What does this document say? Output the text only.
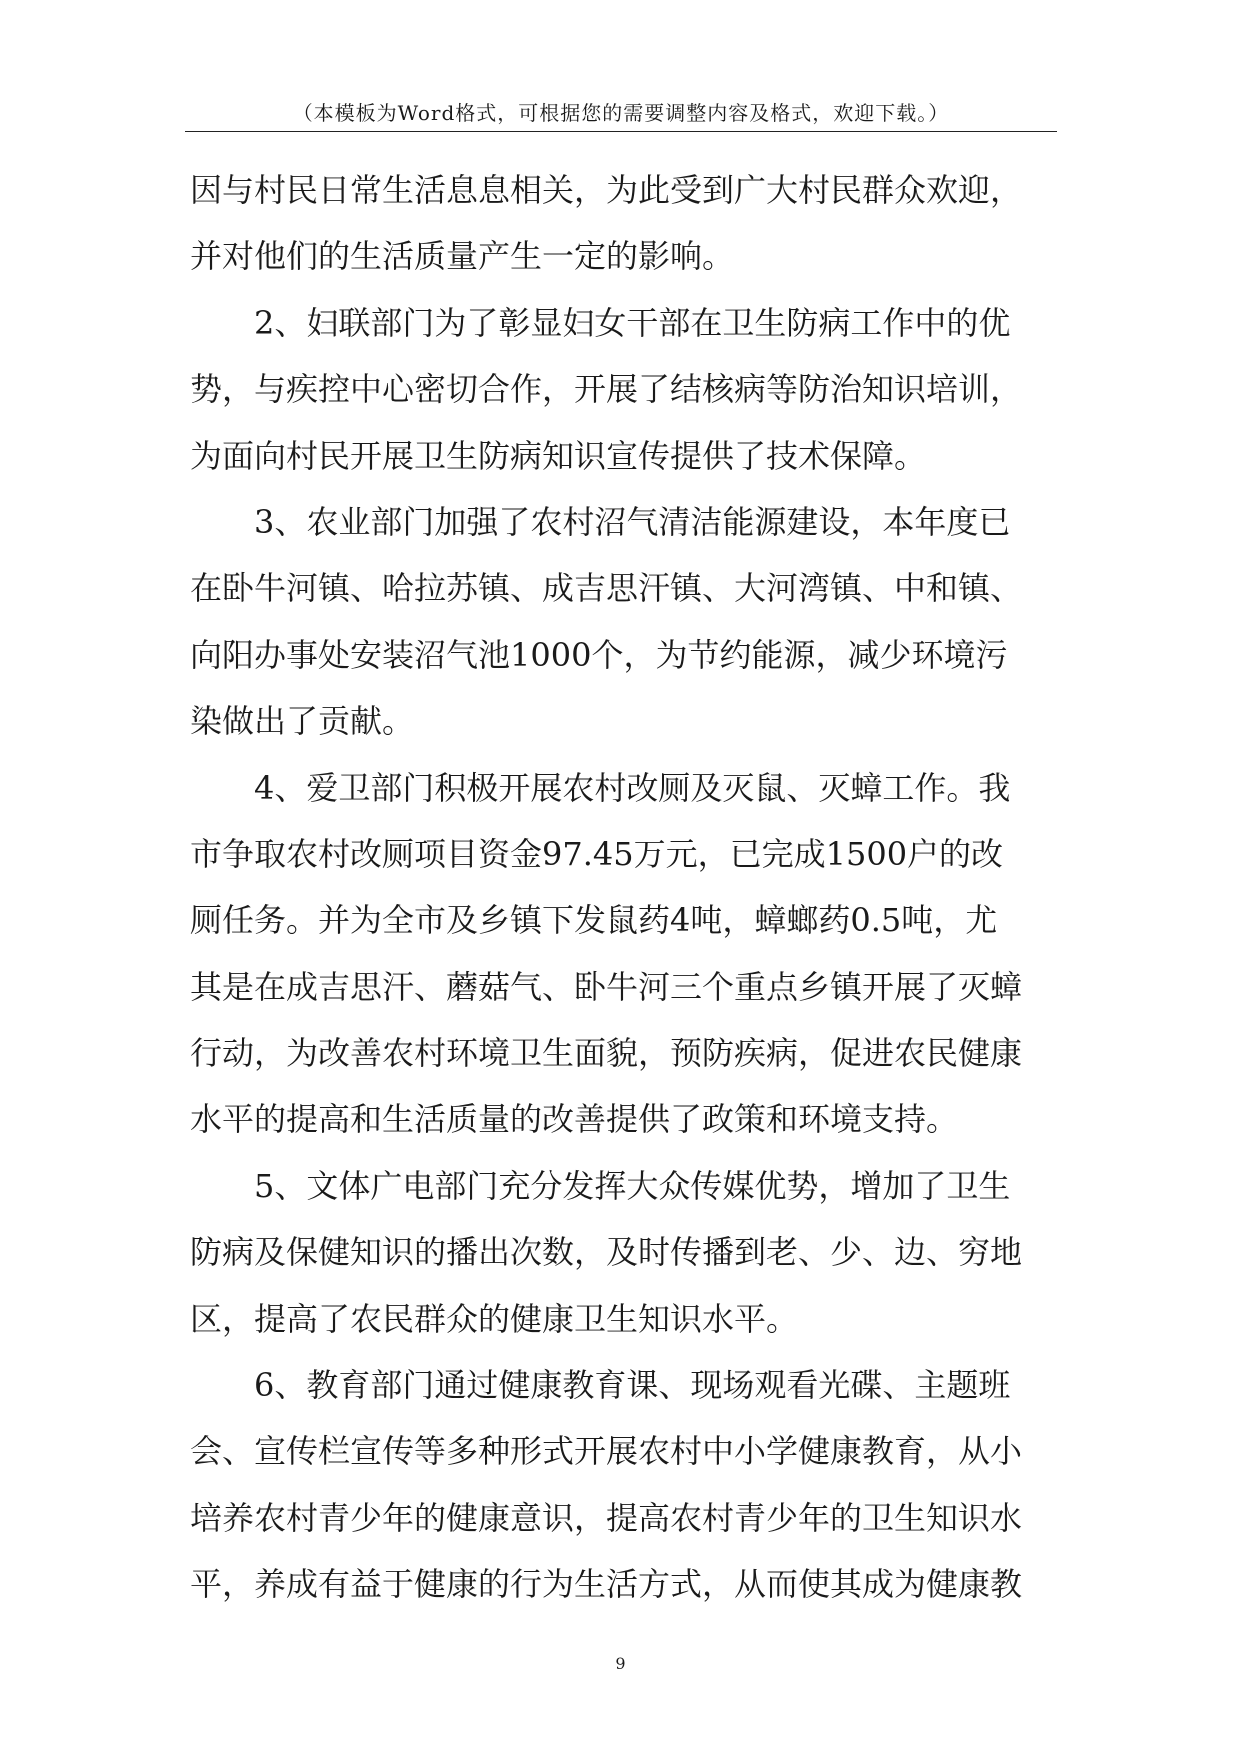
（本模板为Word格式，可根据您的需要调整内容及格式，欢迎下载。）
因与村民日常生活息息相关，为此受到广大村民群众欢迎，
并对他们的生活质量产生一定的影响。
2、妇联部门为了彰显妇女干部在卫生防病工作中的优
势，与疾控中心密切合作，开展了结核病等防治知识培训，
为面向村民开展卫生防病知识宣传提供了技术保障。
3、农业部门加强了农村沼气清洁能源建设，本年度已
在卧牛河镇、哈拉苏镇、成吉思汗镇、大河湾镇、中和镇、
向阳办事处安装沼气池1000个，为节约能源，减少环境污
染做出了贡献。
4、爱卫部门积极开展农村改厕及灭鼠、灭蟑工作。我
市争取农村改厕项目资金97.45万元，已完成1500户的改
厕任务。并为全市及乡镇下发鼠药4吨，蟑螂药0.5吨，尤
其是在成吉思汗、蘑菇气、卧牛河三个重点乡镇开展了灭蟑
行动，为改善农村环境卫生面貌，预防疾病，促进农民健康
水平的提高和生活质量的改善提供了政策和环境支持。
5、文体广电部门充分发挥大众传媒优势，增加了卫生
防病及保健知识的播出次数，及时传播到老、少、边、穷地
区，提高了农民群众的健康卫生知识水平。
6、教育部门通过健康教育课、现场观看光碟、主题班
会、宣传栏宣传等多种形式开展农村中小学健康教育，从小
培养农村青少年的健康意识，提高农村青少年的卫生知识水
平，养成有益于健康的行为生活方式，从而使其成为健康教
9
